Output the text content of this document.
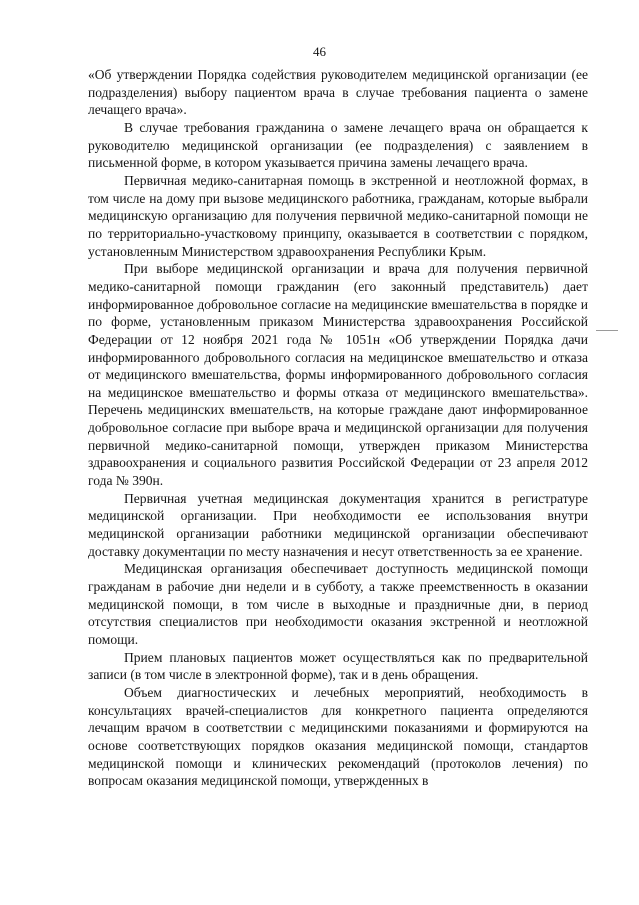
46

«Об утверждении Порядка содействия руководителем медицинской организации (ее подразделения) выбору пациентом врача в случае требования пациента о замене лечащего врача».

В случае требования гражданина о замене лечащего врача он обращается к руководителю медицинской организации (ее подразделения) с заявлением в письменной форме, в котором указывается причина замены лечащего врача.

Первичная медико-санитарная помощь в экстренной и неотложной формах, в том числе на дому при вызове медицинского работника, гражданам, которые выбрали медицинскую организацию для получения первичной медико-санитарной помощи не по территориально-участковому принципу, оказывается в соответствии с порядком, установленным Министерством здравоохранения Республики Крым.

При выборе медицинской организации и врача для получения первичной медико-санитарной помощи гражданин (его законный представитель) дает информированное добровольное согласие на медицинские вмешательства в порядке и по форме, установленным приказом Министерства здравоохранения Российской Федерации от 12 ноября 2021 года № 1051н «Об утверждении Порядка дачи информированного добровольного согласия на медицинское вмешательство и отказа от медицинского вмешательства, формы информированного добровольного согласия на медицинское вмешательство и формы отказа от медицинского вмешательства». Перечень медицинских вмешательств, на которые граждане дают информированное добровольное согласие при выборе врача и медицинской организации для получения первичной медико-санитарной помощи, утвержден приказом Министерства здравоохранения и социального развития Российской Федерации от 23 апреля 2012 года № 390н.

Первичная учетная медицинская документация хранится в регистратуре медицинской организации. При необходимости ее использования внутри медицинской организации работники медицинской организации обеспечивают доставку документации по месту назначения и несут ответственность за ее хранение.

Медицинская организация обеспечивает доступность медицинской помощи гражданам в рабочие дни недели и в субботу, а также преемственность в оказании медицинской помощи, в том числе в выходные и праздничные дни, в период отсутствия специалистов при необходимости оказания экстренной и неотложной помощи.

Прием плановых пациентов может осуществляться как по предварительной записи (в том числе в электронной форме), так и в день обращения.

Объем диагностических и лечебных мероприятий, необходимость в консультациях врачей-специалистов для конкретного пациента определяются лечащим врачом в соответствии с медицинскими показаниями и формируются на основе соответствующих порядков оказания медицинской помощи, стандартов медицинской помощи и клинических рекомендаций (протоколов лечения) по вопросам оказания медицинской помощи, утвержденных в
